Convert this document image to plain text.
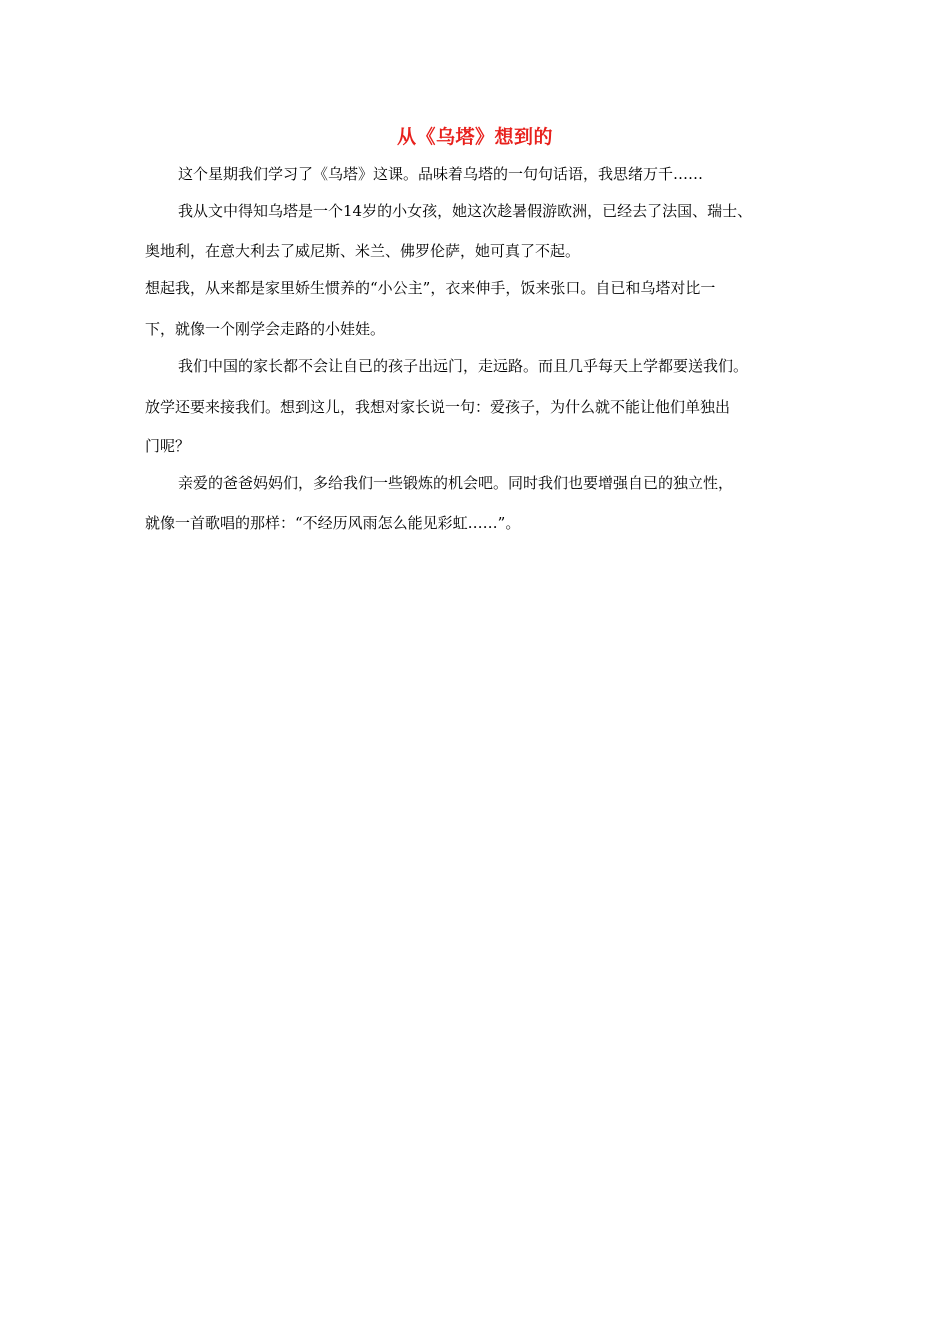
从《乌塔》想到的
这个星期我们学习了《乌塔》这课。品味着乌塔的一句句话语，我思绪万千……
我从文中得知乌塔是一个14岁的小女孩，她这次趁暑假游欧洲，已经去了法国、瑞士、
奥地利，在意大利去了威尼斯、米兰、佛罗伦萨，她可真了不起。
想起我，从来都是家里娇生惯养的“小公主”，衣来伸手，饭来张口。自已和乌塔对比一
下，就像一个刚学会走路的小娃娃。
我们中国的家长都不会让自已的孩子出远门，走远路。而且几乎每天上学都要送我们。
放学还要来接我们。想到这儿，我想对家长说一句：爱孩子，为什么就不能让他们单独出
门呢？
亲爱的爸爸妈妈们，多给我们一些锻炼的机会吧。同时我们也要增强自已的独立性，
就像一首歌唱的那样：“不经历风雨怎么能见彩虹……”。
